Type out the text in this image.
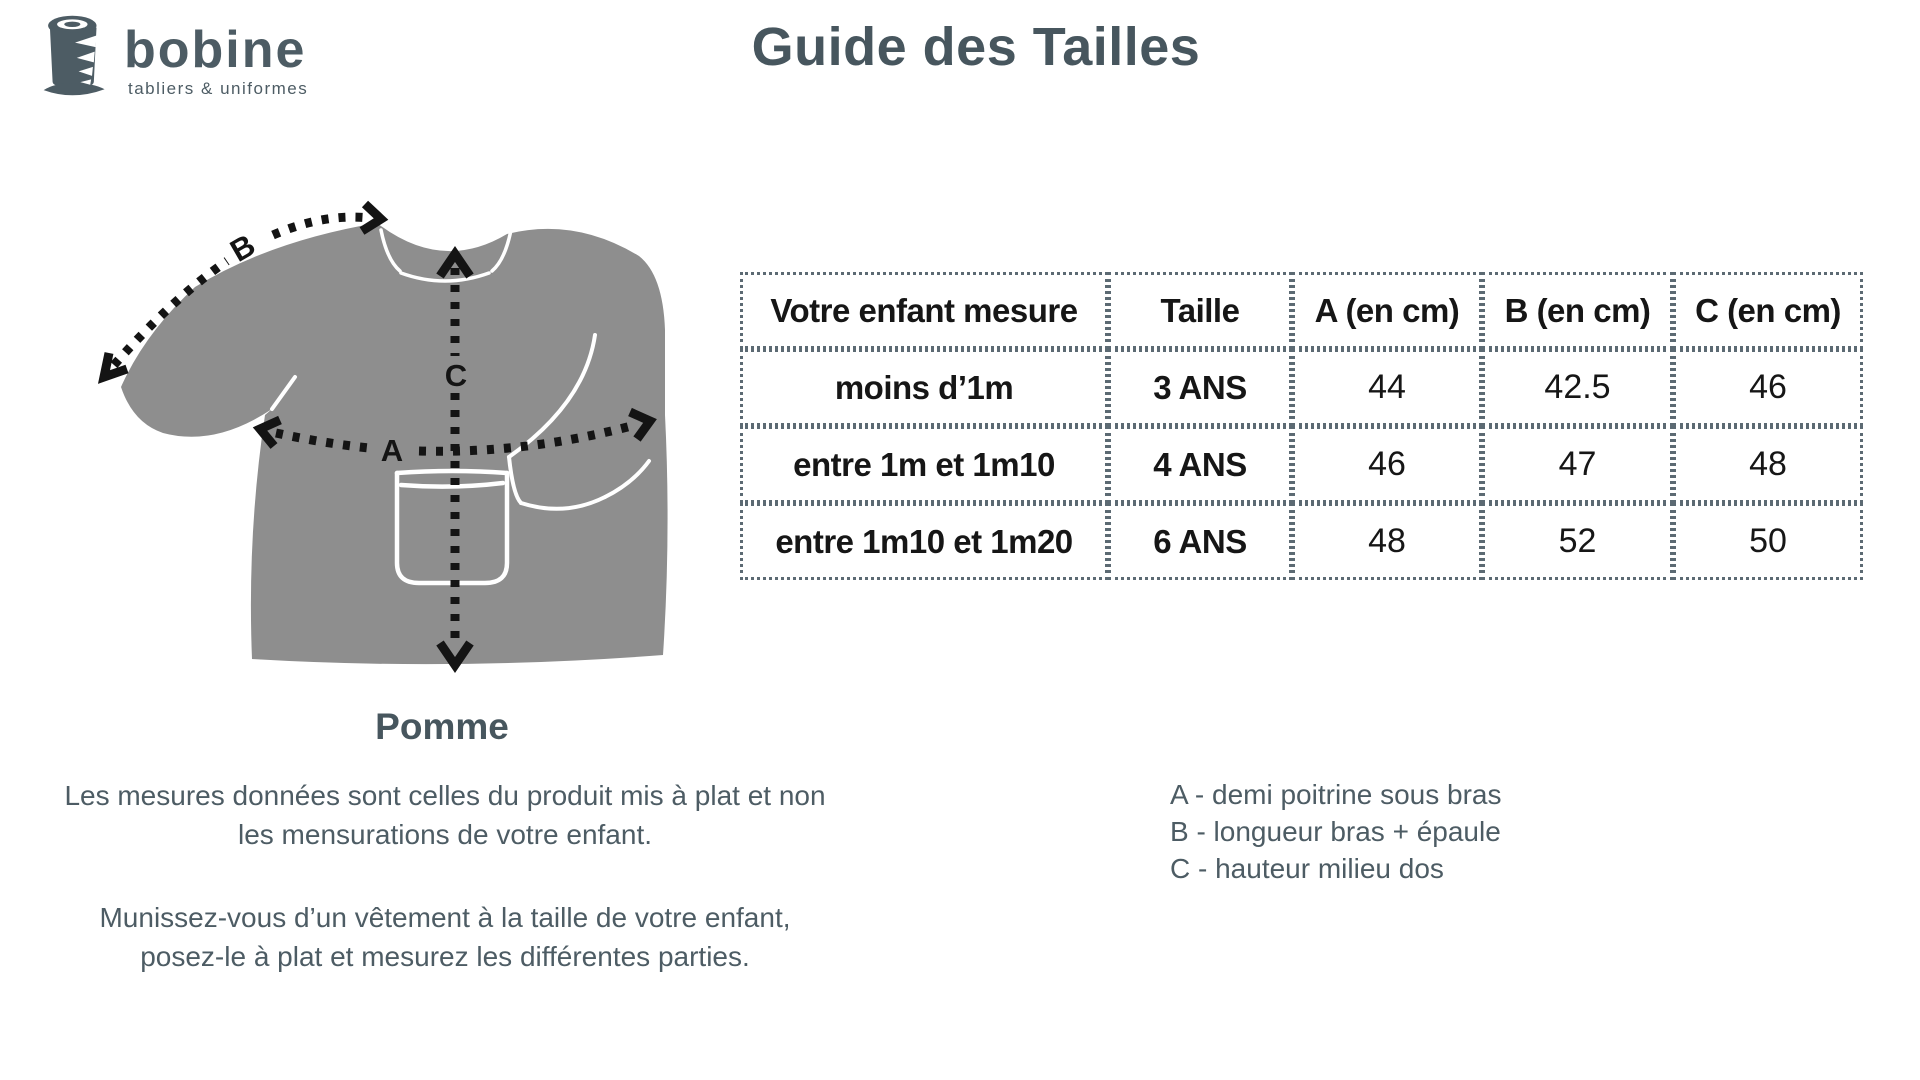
bobine
tabliers & uniformes
Guide des Tailles
B
C
A
Pomme
Votre enfant mesure	Taille	A (en cm)	B (en cm)	C (en cm)
moins d’1m	3 ANS	44	42.5	46
entre 1m et 1m10	4 ANS	46	47	48
entre 1m10 et 1m20	6 ANS	48	52	50

Les mesures données sont celles du produit mis à plat et non les mensurations de votre enfant.

Munissez-vous d’un vêtement à la taille de votre enfant, posez-le à plat et mesurez les différentes parties.

A - demi poitrine sous bras
B - longueur bras + épaule
C - hauteur milieu dos
